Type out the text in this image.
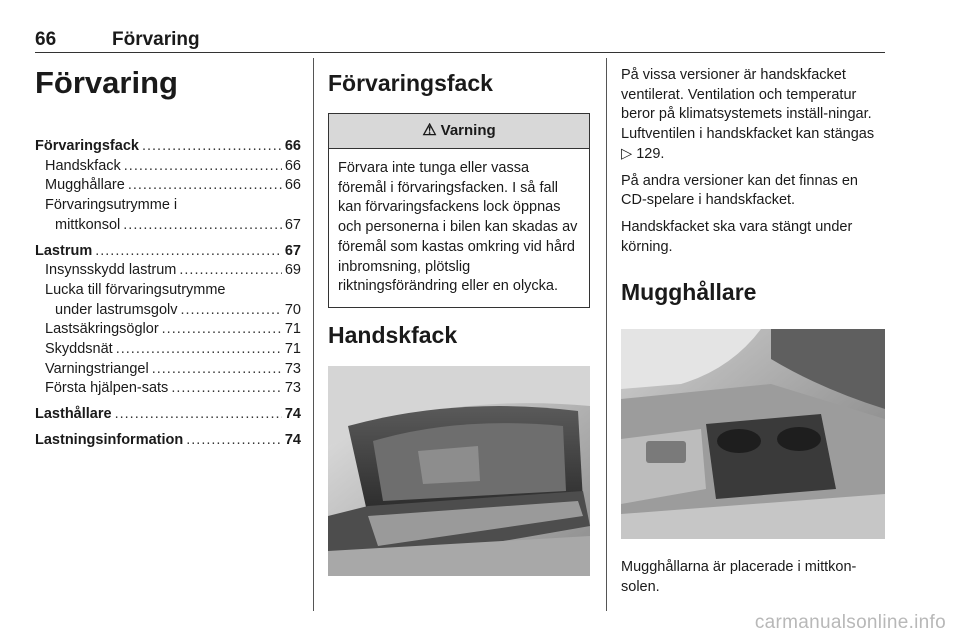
66	Förvaring
Förvaring
Förvaringsfack .....	66
Handskfack .....	66
Mugghållare .....	66
Förvaringsutrymme i
mittkonsol .....	67
Lastrum .....	67
Insynsskydd lastrum .....	69
Lucka till förvaringsutrymme
under lastrumsgolv .....	70
Lastsäkringsöglor .....	71
Skyddsnät .....	71
Varningstriangel .....	73
Första hjälpen-sats .....	73
Lasthållare .....	74
Lastningsinformation .....	74
Förvaringsfack
⚠ Varning
Förvara inte tunga eller vassa föremål i förvaringsfacken. I så fall kan förvaringsfackens lock öppnas och personerna i bilen kan skadas av föremål som kastas omkring vid hård inbromsning, plötslig riktningsförändring eller en olycka.
Handskfack

På vissa versioner är handskfacket ventilerat. Ventilation och temperatur beror på klimatsystemets inställ-ningar. Luftventilen i handskfacket kan stängas ▷ 129.

På andra versioner kan det finnas en CD-spelare i handskfacket.

Handskfacket ska vara stängt under körning.

Mugghållare
Mugghållarna är placerade i mittkon-solen.
carmanualsonline.info
